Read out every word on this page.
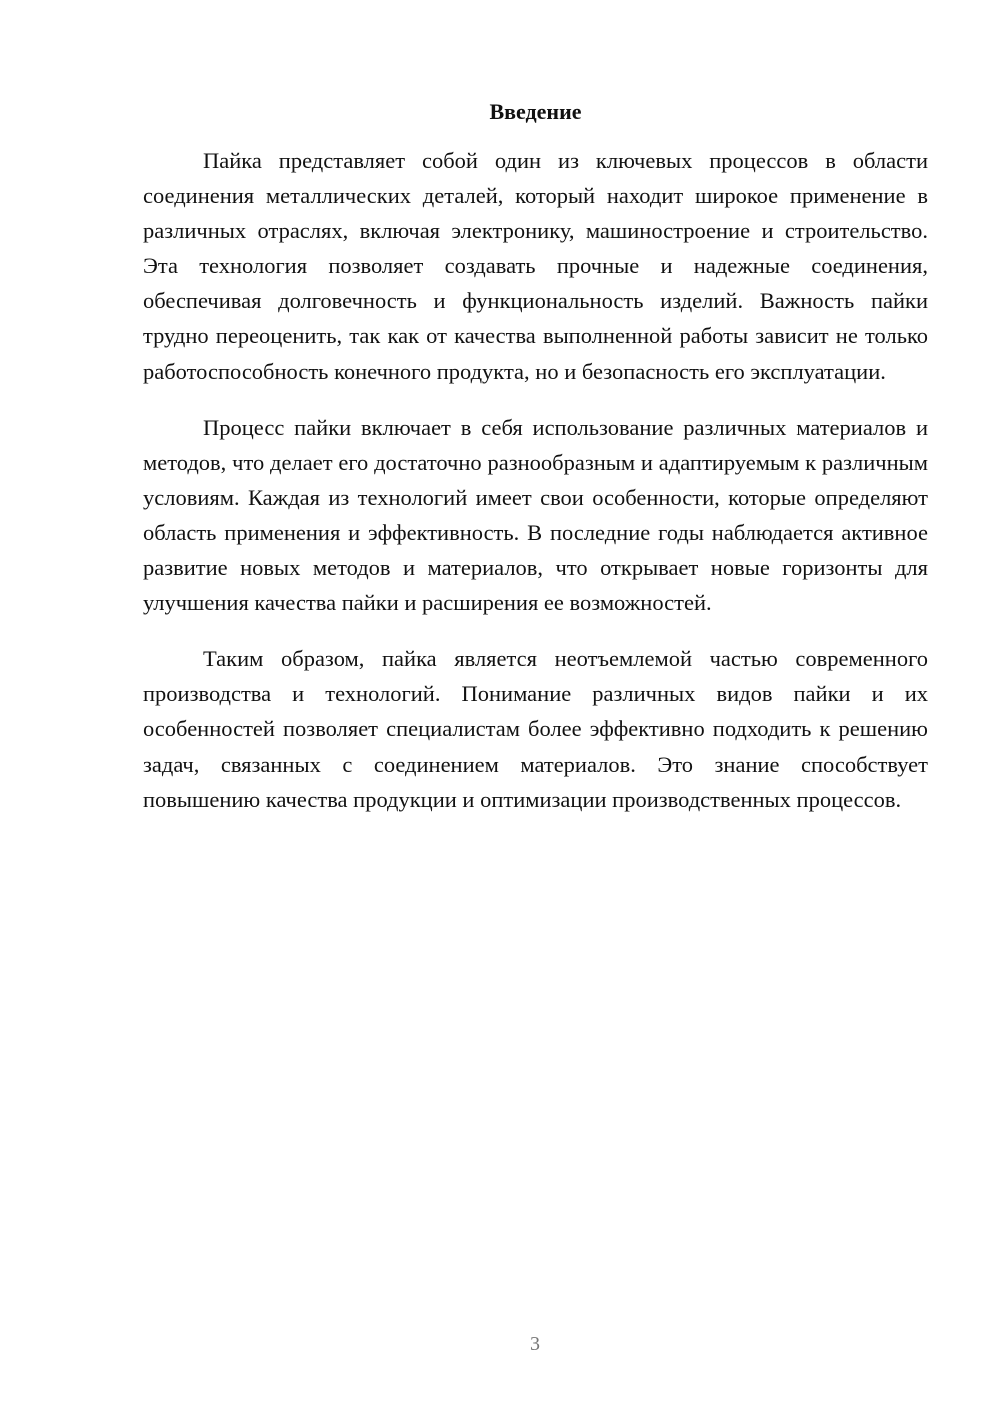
Введение

Пайка представляет собой один из ключевых процессов в области соединения металлических деталей, который находит широкое применение в различных отраслях, включая электронику, машиностроение и строительство. Эта технология позволяет создавать прочные и надежные соединения, обеспечивая долговечность и функциональность изделий. Важность пайки трудно переоценить, так как от качества выполненной работы зависит не только работоспособность конечного продукта, но и безопасность его эксплуатации.

Процесс пайки включает в себя использование различных материалов и методов, что делает его достаточно разнообразным и адаптируемым к различным условиям. Каждая из технологий имеет свои особенности, которые определяют область применения и эффективность. В последние годы наблюдается активное развитие новых методов и материалов, что открывает новые горизонты для улучшения качества пайки и расширения ее возможностей.

Таким образом, пайка является неотъемлемой частью современного производства и технологий. Понимание различных видов пайки и их особенностей позволяет специалистам более эффективно подходить к решению задач, связанных с соединением материалов. Это знание способствует повышению качества продукции и оптимизации производственных процессов.

3
